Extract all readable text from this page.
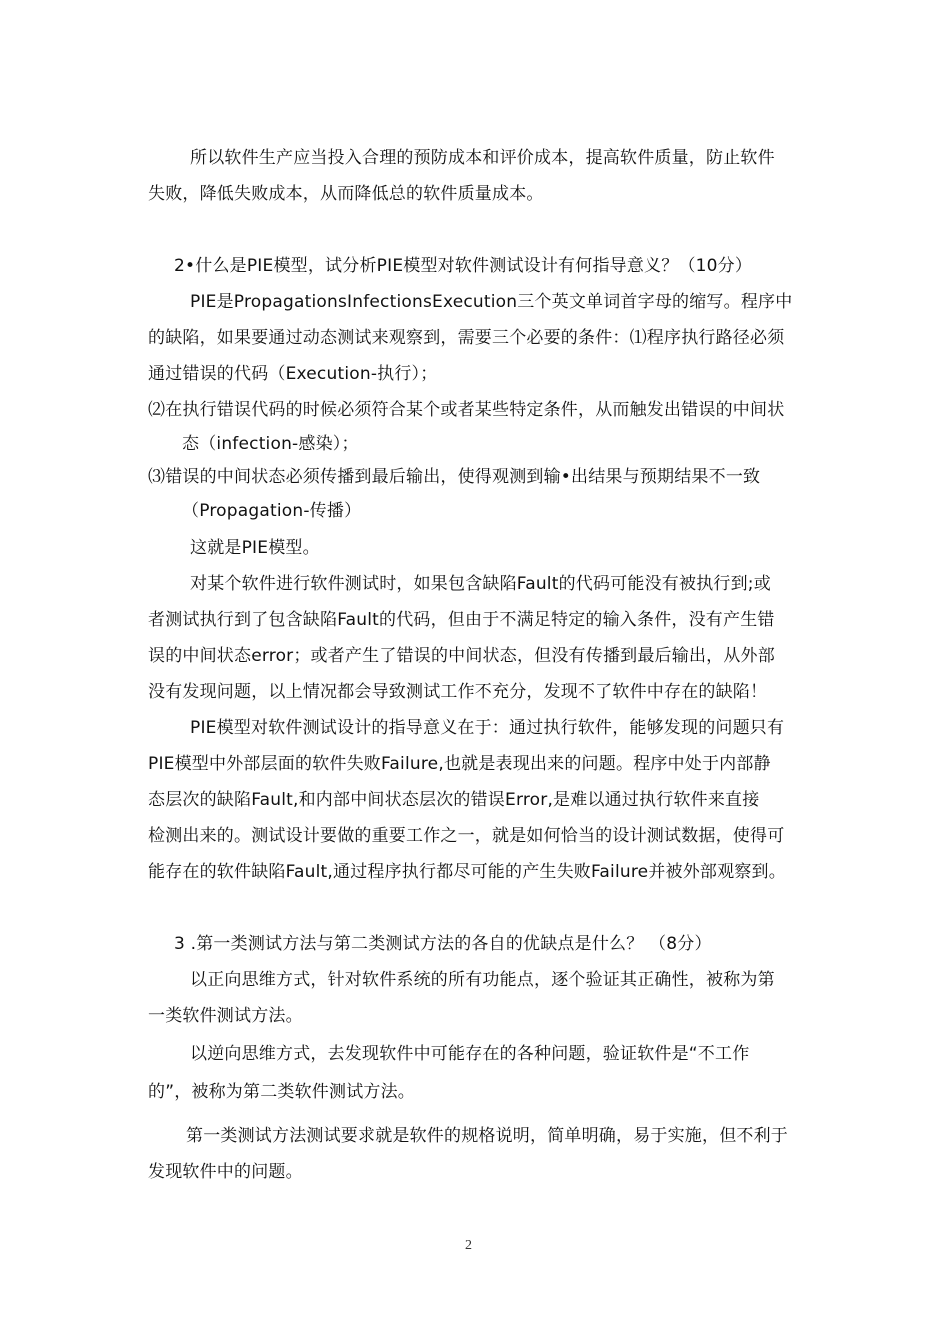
所以软件生产应当投入合理的预防成本和评价成本，提高软件质量，防止软件
失败，降低失败成本，从而降低总的软件质量成本。
2•什么是PIE模型，试分析PIE模型对软件测试设计有何指导意义？（10分）
PIE是PropagationsInfectionsExecution三个英文单词首字母的缩写。程序中
的缺陷，如果要通过动态测试来观察到，需要三个必要的条件：⑴程序执行路径必须
通过错误的代码（Execution-执行）；
⑵在执行错误代码的时候必须符合某个或者某些特定条件，从而触发出错误的中间状
态（infection-感染）；
⑶错误的中间状态必须传播到最后输出，使得观测到输•出结果与预期结果不一致
（Propagation-传播）
这就是PIE模型。
对某个软件进行软件测试时，如果包含缺陷Fault的代码可能没有被执行到;或
者测试执行到了包含缺陷Fault的代码，但由于不满足特定的输入条件，没有产生错
误的中间状态error；或者产生了错误的中间状态，但没有传播到最后输出，从外部
没有发现问题，以上情况都会导致测试工作不充分，发现不了软件中存在的缺陷！
PIE模型对软件测试设计的指导意义在于：通过执行软件，能够发现的问题只有
PIE模型中外部层面的软件失败Failure,也就是表现出来的问题。程序中处于内部静
态层次的缺陷Fault,和内部中间状态层次的错误Error,是难以通过执行软件来直接
检测出来的。测试设计要做的重要工作之一，就是如何恰当的设计测试数据，使得可
能存在的软件缺陷Fault,通过程序执行都尽可能的产生失败Failure并被外部观察到。
3 .第一类测试方法与第二类测试方法的各自的优缺点是什么？ （8分）
以正向思维方式，针对软件系统的所有功能点，逐个验证其正确性，被称为第
一类软件测试方法。
以逆向思维方式，去发现软件中可能存在的各种问题，验证软件是“不工作
的”，被称为第二类软件测试方法。
第一类测试方法测试要求就是软件的规格说明，简单明确，易于实施，但不利于
发现软件中的问题。
2
